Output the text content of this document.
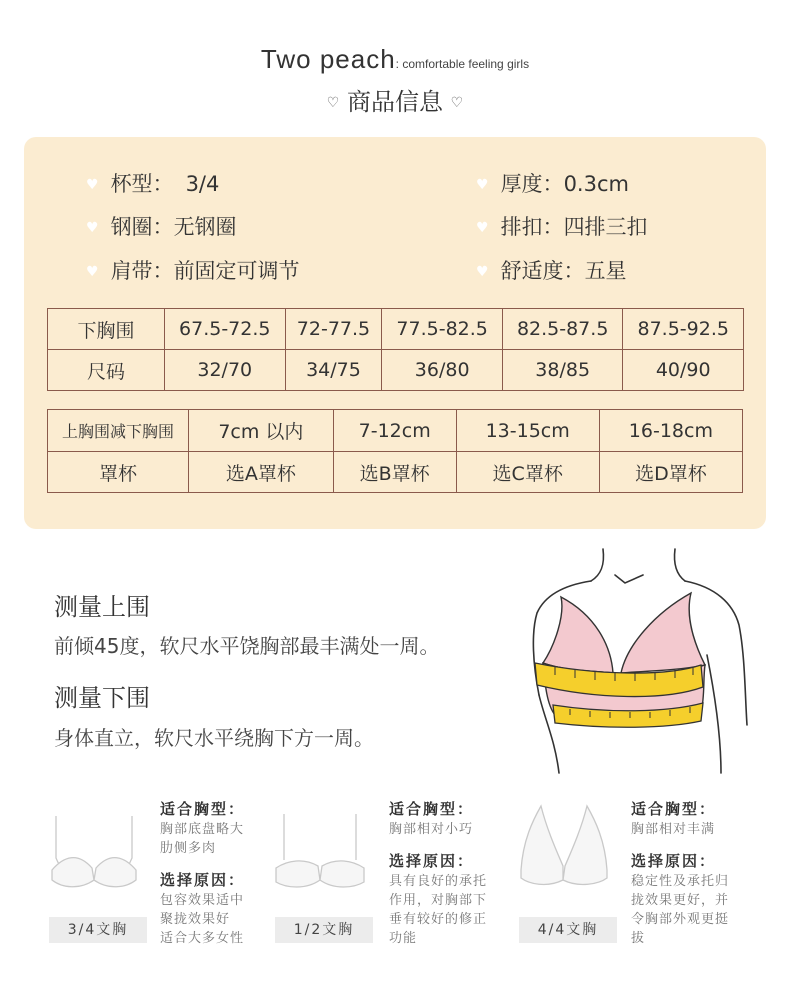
Two peach: comfortable feeling girls
♡ 商品信息 ♡
♥ 杯型： 3/4	♥ 厚度：0.3cm
♥ 钢圈：无钢圈	♥ 排扣：四排三扣
♥ 肩带：前固定可调节	♥ 舒适度：五星
下胸围	67.5-72.5	72-77.5	77.5-82.5	82.5-87.5	87.5-92.5
尺码	32/70	34/75	36/80	38/85	40/90
上胸围减下胸围	7cm 以内	7-12cm	13-15cm	16-18cm
罩杯	选A罩杯	选B罩杯	选C罩杯	选D罩杯
测量上围
前倾45度，软尺水平饶胸部最丰满处一周。
测量下围
身体直立，软尺水平绕胸下方一周。
3/4文胸
适合胸型：
胸部底盘略大
肋侧多肉
选择原因：
包容效果适中
聚拢效果好
适合大多女性
1/2文胸
适合胸型：
胸部相对小巧
选择原因：
具有良好的承托
作用，对胸部下
垂有较好的修正
功能
4/4文胸
适合胸型：
胸部相对丰满
选择原因：
稳定性及承托归
拢效果更好，并
令胸部外观更挺
拔
